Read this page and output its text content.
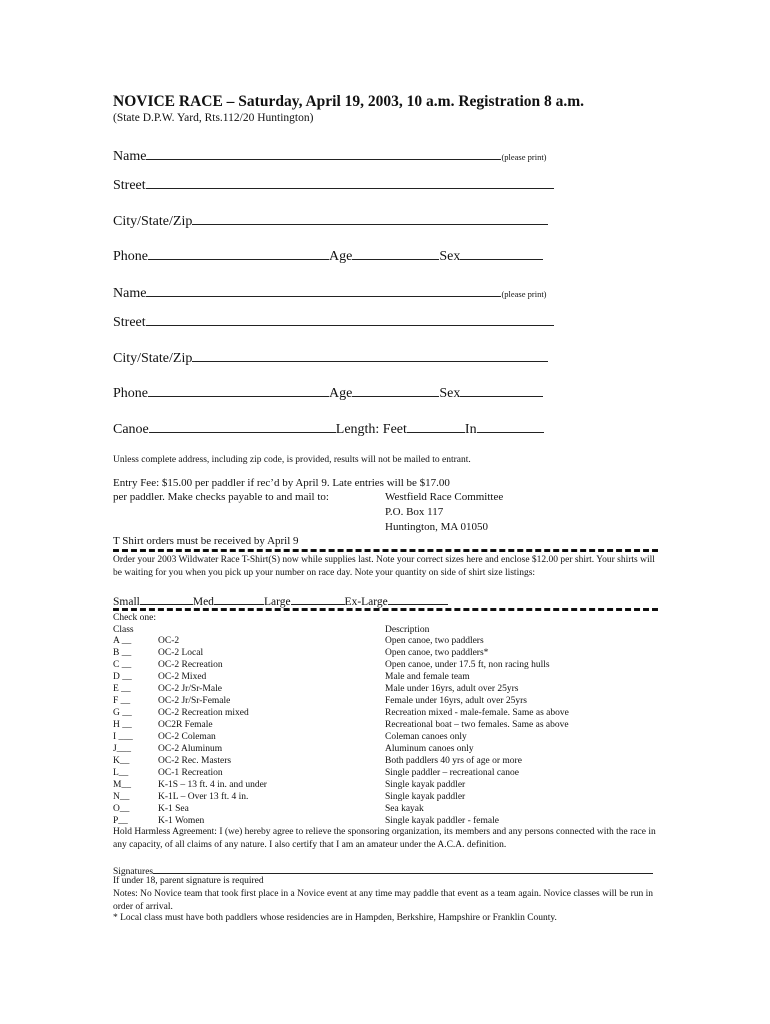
NOVICE RACE – Saturday, April 19, 2003, 10 a.m. Registration 8 a.m.
(State D.P.W. Yard, Rts.112/20 Huntington)
Name	(please print)
Street
City/State/Zip
Phone	Age	Sex
Name	(please print)
Street
City/State/Zip
Phone	Age	Sex
Canoe	Length: Feet	In
Unless complete address, including zip code, is provided, results will not be mailed to entrant.
Entry Fee: $15.00 per paddler if rec’d by April 9. Late entries will be $17.00
per paddler. Make checks payable to and mail to:	Westfield Race Committee
P.O. Box 117
Huntington, MA 01050
T Shirt orders must be received by April 9
Order your 2003 Wildwater Race T-Shirt(S) now while supplies last. Note your correct sizes here and enclose $12.00 per shirt. Your shirts will be waiting for you when you pick up your number on race day. Note your quantity on side of shirt size listings:
Small	Med	Large	Ex-Large
Check one:
Class	Description
A __	OC-2	Open canoe, two paddlers
B __	OC-2 Local	Open canoe, two paddlers*
C __	OC-2 Recreation	Open canoe, under 17.5 ft, non racing hulls
D __	OC-2 Mixed	Male and female team
E __	OC-2 Jr/Sr-Male	Male under 16yrs, adult over 25yrs
F __	OC-2 Jr/Sr-Female	Female under 16yrs, adult over 25yrs
G __	OC-2 Recreation mixed	Recreation mixed - male-female. Same as above
H __	OC2R Female	Recreational boat – two females. Same as above
I ___	OC-2 Coleman	Coleman canoes only
J___	OC-2 Aluminum	Aluminum canoes only
K__	OC-2 Rec. Masters	Both paddlers 40 yrs of age or more
L__	OC-1 Recreation	Single paddler – recreational canoe
M__	K-1S – 13 ft. 4 in. and under	Single kayak paddler
N__	K-1L – Over 13 ft. 4 in.	Single kayak paddler
O__	K-1 Sea	Sea kayak
P__	K-1 Women	Single kayak paddler - female
Hold Harmless Agreement: I (we) hereby agree to relieve the sponsoring organization, its members and any persons connected with the race in any capacity, of all claims of any nature. I also certify that I am an amateur under the A.C.A. definition.
Signatures
If under 18, parent signature is required
Notes: No Novice team that took first place in a Novice event at any time may paddle that event as a team again. Novice classes will be run in order of arrival.
* Local class must have both paddlers whose residencies are in Hampden, Berkshire, Hampshire or Franklin County.
